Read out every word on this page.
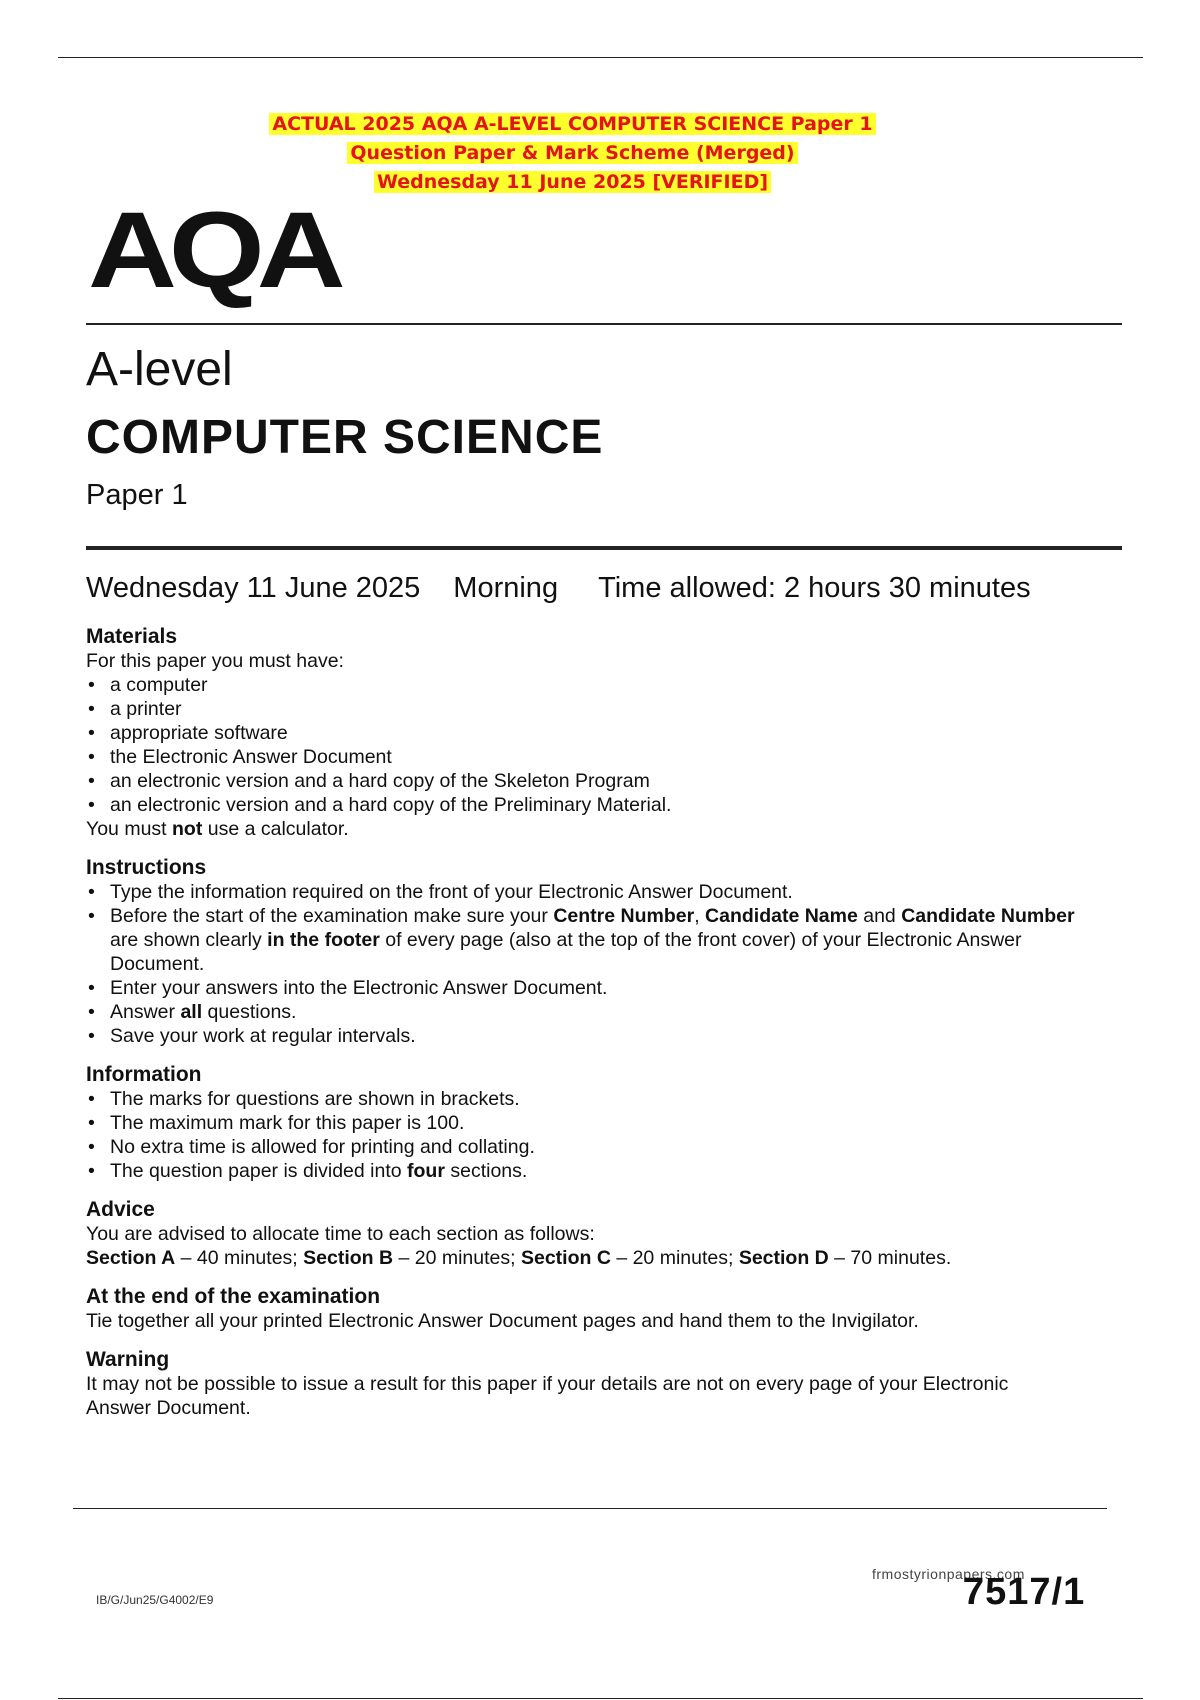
ACTUAL 2025 AQA A-LEVEL COMPUTER SCIENCE Paper 1
Question Paper & Mark Scheme (Merged)
Wednesday 11 June 2025 [VERIFIED]
AQA
A-level
COMPUTER SCIENCE
Paper 1
Wednesday 11 June 2025 Morning Time allowed: 2 hours 30 minutes
Materials

For this paper you must have:

• a computer
• a printer
• appropriate software
• the Electronic Answer Document
• an electronic version and a hard copy of the Skeleton Program
• an electronic version and a hard copy of the Preliminary Material.

You must not use a calculator.

Instructions
• Type the information required on the front of your Electronic Answer Document.
• Before the start of the examination make sure your Centre Number, Candidate Name and Candidate Number are shown clearly in the footer of every page (also at the top of the front cover) of your Electronic Answer Document.
• Enter your answers into the Electronic Answer Document.
• Answer all questions.
• Save your work at regular intervals.
Information
• The marks for questions are shown in brackets.
• The maximum mark for this paper is 100.
• No extra time is allowed for printing and collating.
• The question paper is divided into four sections.
Advice

You are advised to allocate time to each section as follows:

Section A – 40 minutes; Section B – 20 minutes; Section C – 20 minutes; Section D – 70 minutes.

At the end of the examination

Tie together all your printed Electronic Answer Document pages and hand them to the Invigilator.

Warning

It may not be possible to issue a result for this paper if your details are not on every page of your Electronic Answer Document.

IB/G/Jun25/G4002/E9
frmostyrionpapers.com
7517/1
